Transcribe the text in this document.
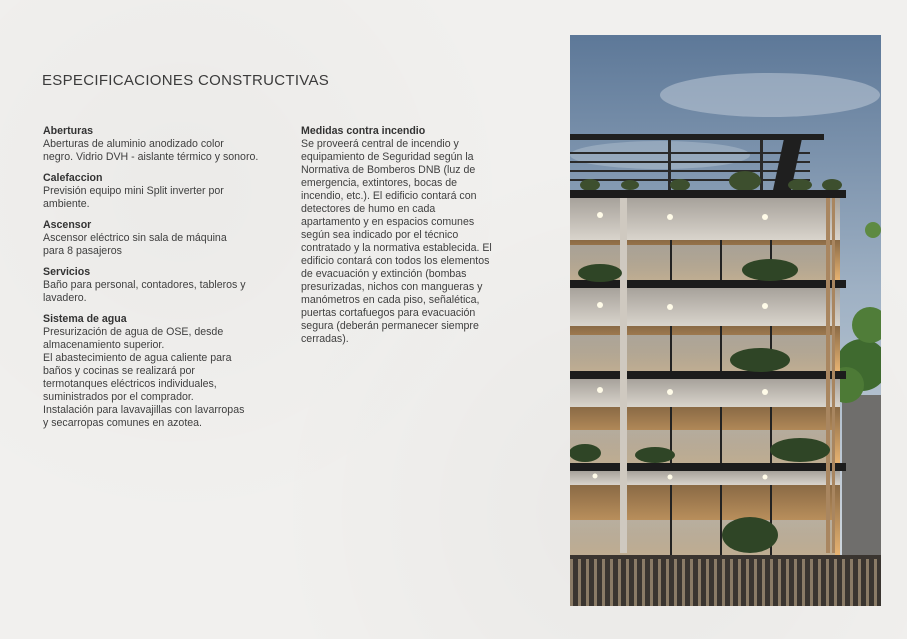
ESPECIFICACIONES CONSTRUCTIVAS
Aberturas
Aberturas de aluminio anodizado color
negro. Vidrio DVH - aislante térmico y sonoro.
Calefaccion
Previsión equipo mini Split inverter por
ambiente.
Ascensor
Ascensor eléctrico sin sala de máquina
para 8 pasajeros
Servicios
Baño para personal, contadores, tableros y
lavadero.
Sistema de agua
Presurización de agua de OSE, desde
almacenamiento superior.
El abastecimiento de agua caliente para
baños y cocinas se realizará por
termotanques eléctricos individuales,
suministrados por el comprador.
Instalación para lavavajillas con lavarropas
y secarropas comunes en azotea.
Medidas contra incendio
Se proveerá central de incendio y
equipamiento de Seguridad según la
Normativa de Bomberos DNB (luz de
emergencia, extintores, bocas de
incendio, etc.). El edificio contará con
detectores de humo en cada
apartamento y en espacios comunes
según sea indicado por el técnico
contratado y la normativa establecida. El
edificio contará con todos los elementos
de evacuación y extinción (bombas
presurizadas, nichos con mangueras y
manómetros en cada piso, señalética,
puertas cortafuegos para evacuación
segura (deberán permanecer siempre
cerradas).
